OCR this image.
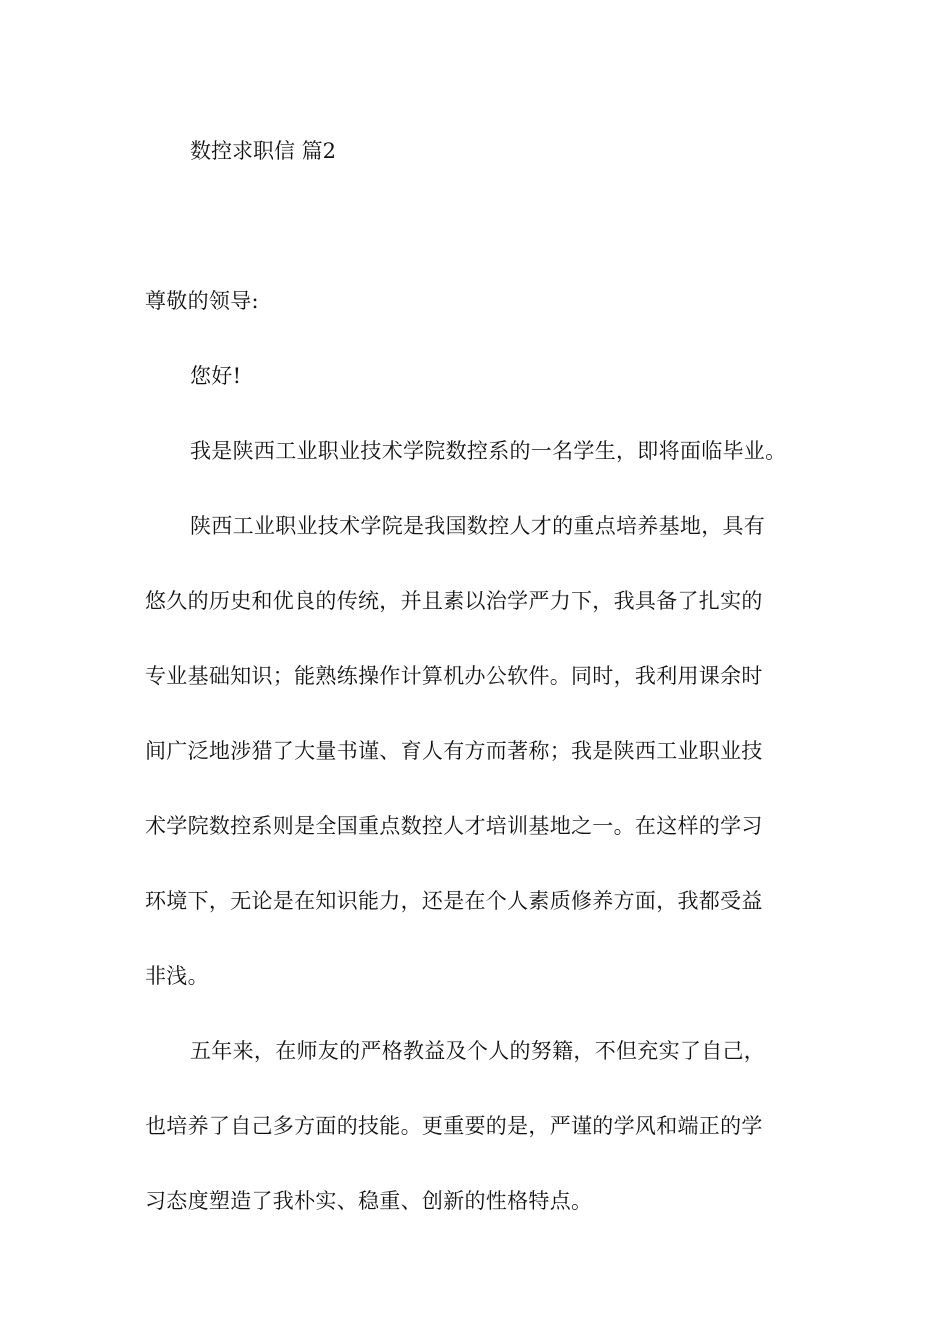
数控求职信 篇2
尊敬的领导:
您好!
我是陕西工业职业技术学院数控系的一名学生，即将面临毕业。
陕西工业职业技术学院是我国数控人才的重点培养基地，具有
悠久的历史和优良的传统，并且素以治学严力下，我具备了扎实的
专业基础知识；能熟练操作计算机办公软件。同时，我利用课余时
间广泛地涉猎了大量书谨、育人有方而著称；我是陕西工业职业技
术学院数控系则是全国重点数控人才培训基地之一。在这样的学习
环境下，无论是在知识能力，还是在个人素质修养方面，我都受益
非浅。
五年来，在师友的严格教益及个人的努籍，不但充实了自己，
也培养了自己多方面的技能。更重要的是，严谨的学风和端正的学
习态度塑造了我朴实、稳重、创新的性格特点。
